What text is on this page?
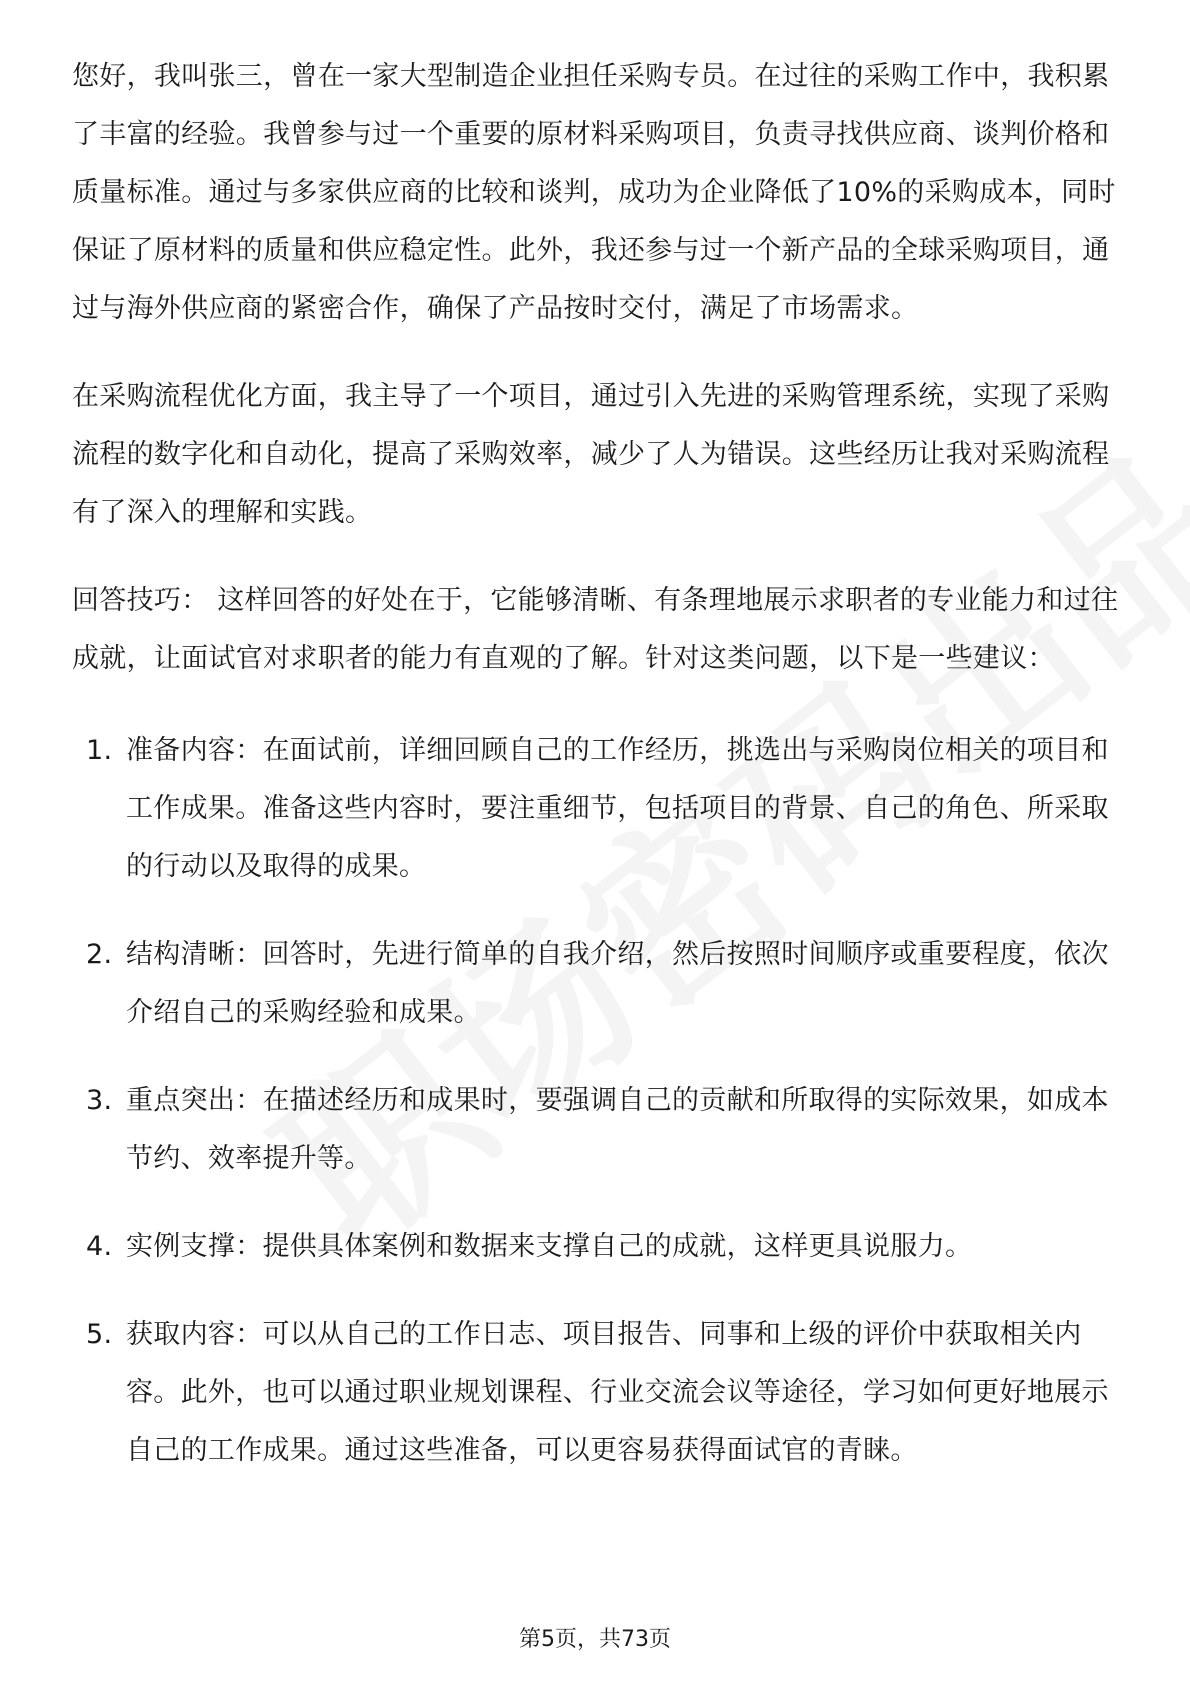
您好，我叫张三，曾在一家大型制造企业担任采购专员。在过往的采购工作中，我积累了丰富的经验。我曾参与过一个重要的原材料采购项目，负责寻找供应商、谈判价格和质量标准。通过与多家供应商的比较和谈判，成功为企业降低了10%的采购成本，同时保证了原材料的质量和供应稳定性。此外，我还参与过一个新产品的全球采购项目，通过与海外供应商的紧密合作，确保了产品按时交付，满足了市场需求。

在采购流程优化方面，我主导了一个项目，通过引入先进的采购管理系统，实现了采购流程的数字化和自动化，提高了采购效率，减少了人为错误。这些经历让我对采购流程有了深入的理解和实践。

回答技巧： 这样回答的好处在于，它能够清晰、有条理地展示求职者的专业能力和过往成就，让面试官对求职者的能力有直观的了解。针对这类问题，以下是一些建议：

1. 准备内容：在面试前，详细回顾自己的工作经历，挑选出与采购岗位相关的项目和工作成果。准备这些内容时，要注重细节，包括项目的背景、自己的角色、所采取的行动以及取得的成果。
2. 结构清晰：回答时，先进行简单的自我介绍，然后按照时间顺序或重要程度，依次介绍自己的采购经验和成果。
3. 重点突出：在描述经历和成果时，要强调自己的贡献和所取得的实际效果，如成本节约、效率提升等。
4. 实例支撑：提供具体案例和数据来支撑自己的成就，这样更具说服力。
5. 获取内容：可以从自己的工作日志、项目报告、同事和上级的评价中获取相关内容。此外，也可以通过职业规划课程、行业交流会议等途径，学习如何更好地展示自己的工作成果。通过这些准备，可以更容易获得面试官的青睐。
第5页，共73页
